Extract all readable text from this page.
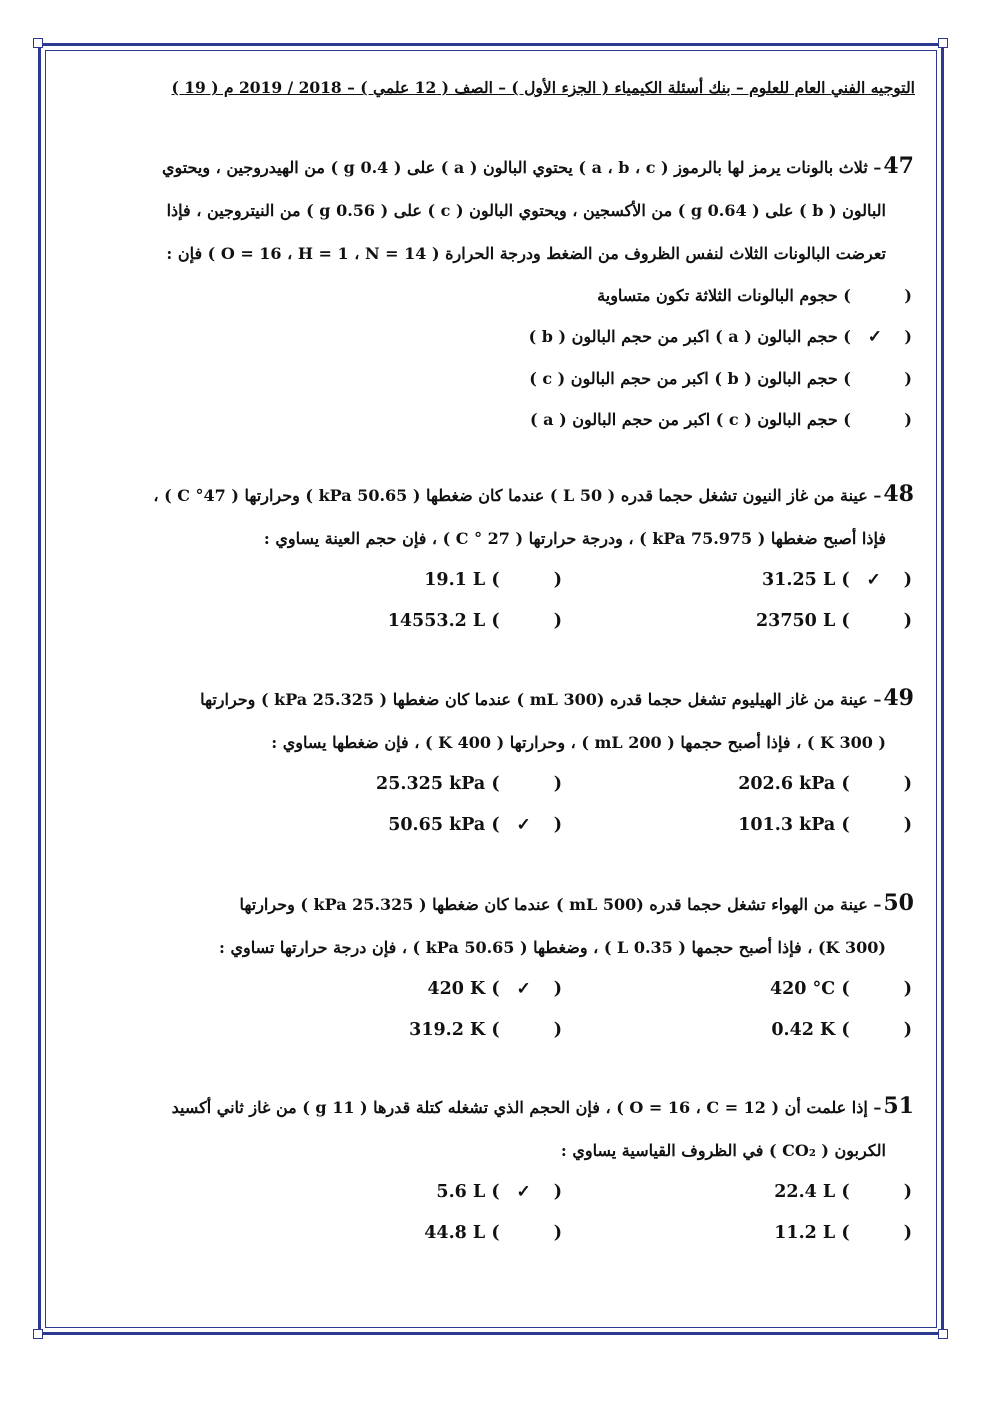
التوجيه الفني العام للعلوم – بنك أسئلة الكيمياء ( الجزء الأول ) – الصف ( 12 علمي ) – 2018 / 2019 م ( 19 )
47– ثلاث بالونات يرمز لها بالرموز ( a ، b ، c ) يحتوي البالون ( a ) على ( 0.4 g ) من الهيدروجين ، ويحتوي
البالون ( b ) على ( 0.64 g ) من الأكسجين ، ويحتوي البالون ( c ) على ( 0.56 g ) من النيتروجين ، فإذا
تعرضت البالونات الثلاث لنفس الظروف من الضغط ودرجة الحرارة ( O = 16 ، H = 1 ، N = 14 ) فإن :
( ) حجوم البالونات الثلاثة تكون متساوية
( ✓) حجم البالون ( a ) اكبر من حجم البالون ( b )
( ) حجم البالون ( b ) اكبر من حجم البالون ( c )
( ) حجم البالون ( c ) اكبر من حجم البالون ( a )
48– عينة من غاز النيون تشغل حجما قدره ( 50 L ) عندما كان ضغطها ( 50.65 kPa ) وحرارتها ( 47° C ) ،
فإذا أصبح ضغطها ( 75.975 kPa ) ، ودرجة حرارتها ( 27 ° C ) ، فإن حجم العينة يساوي :
( ✓) 31.25 L
( ) 19.1 L
( ) 23750 L
( ) 14553.2 L
49– عينة من غاز الهيليوم تشغل حجما قدره (300 mL ) عندما كان ضغطها ( 25.325 kPa ) وحرارتها
( 300 K ) ، فإذا أصبح حجمها ( 200 mL ) ، وحرارتها ( 400 K ) ، فإن ضغطها يساوي :
( ) 202.6 kPa
( ) 25.325 kPa
( ) 101.3 kPa
( ✓) 50.65 kPa
50– عينة من الهواء تشغل حجما قدره (500 mL ) عندما كان ضغطها ( 25.325 kPa ) وحرارتها
(300 K) ، فإذا أصبح حجمها ( 0.35 L ) ، وضغطها ( 50.65 kPa ) ، فإن درجة حرارتها تساوي :
( ) 420 °C
( ✓) 420 K
( ) 0.42 K
( ) 319.2 K
51– إذا علمت أن ( O = 16 ، C = 12 ) ، فإن الحجم الذي تشغله كتلة قدرها ( 11 g ) من غاز ثاني أكسيد
الكربون ( CO₂ ) في الظروف القياسية يساوي :
( ) 22.4 L
( ✓) 5.6 L
( ) 11.2 L
( ) 44.8 L
